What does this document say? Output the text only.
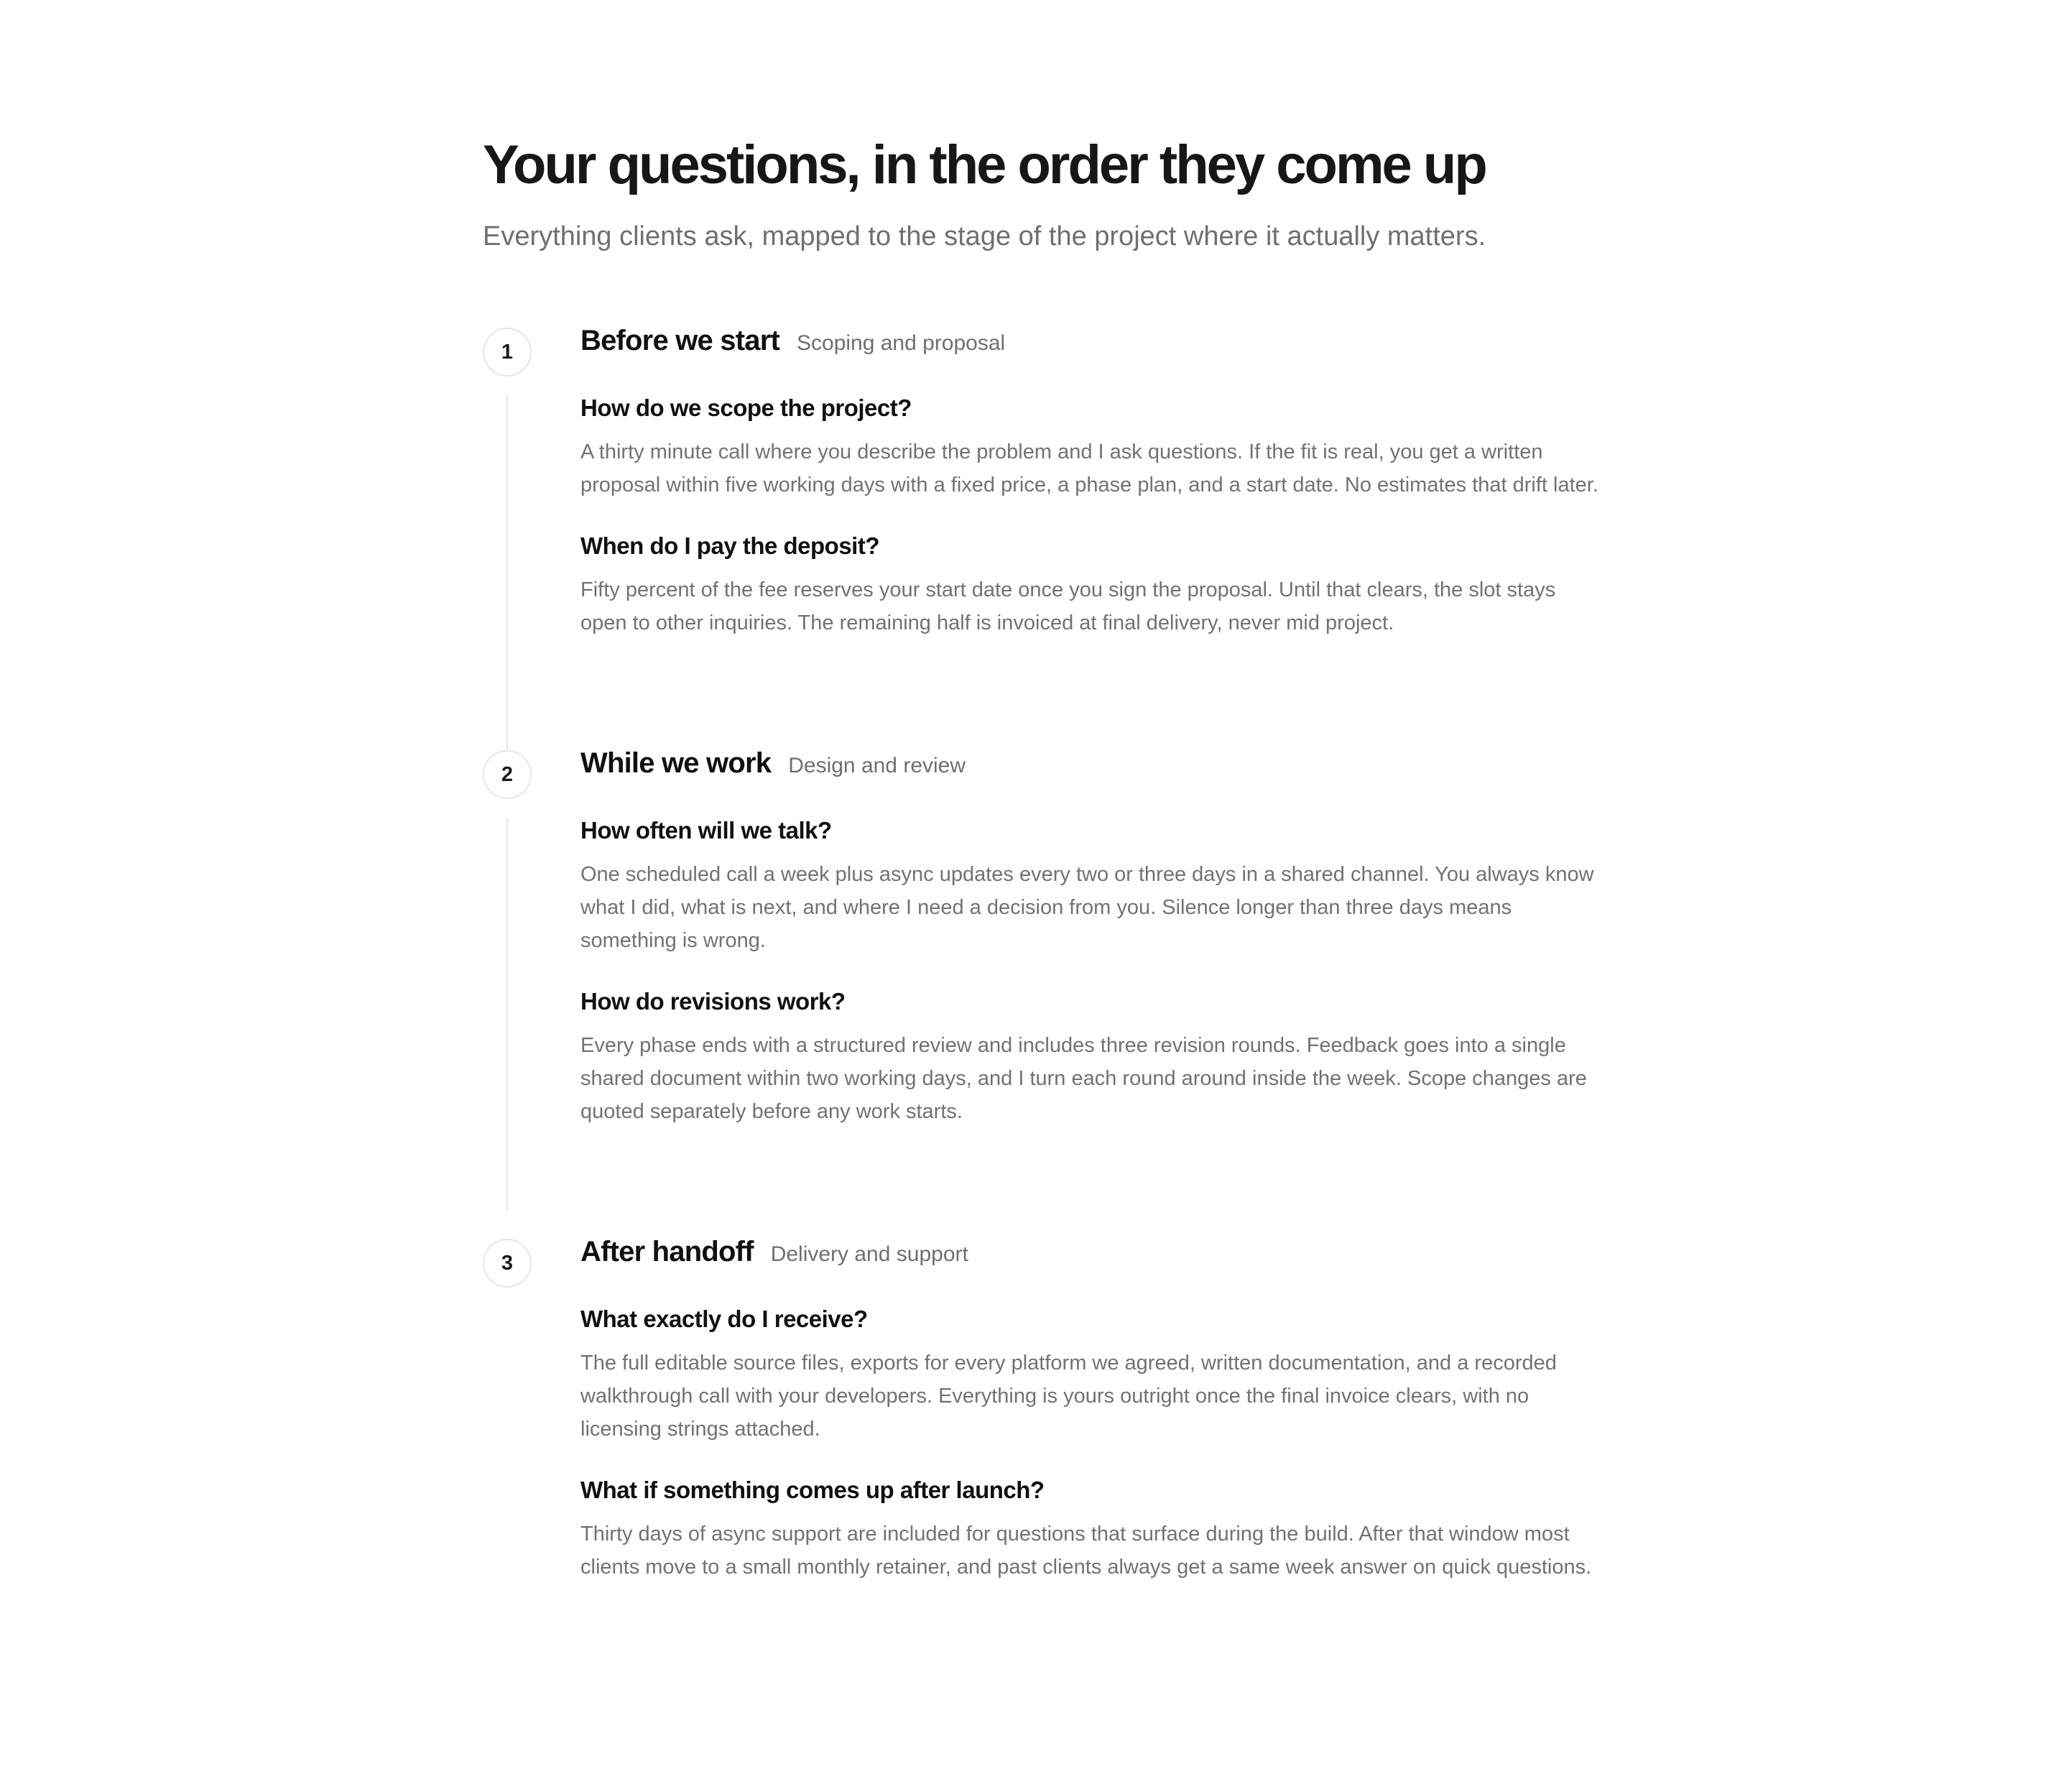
Your questions, in the order they come up

Everything clients ask, mapped to the stage of the project where it actually matters.

1	Before we start Scoping and proposal
How do we scope the project?
A thirty minute call where you describe the problem and I ask questions. If the fit is real, you get a written proposal within five working days with a fixed price, a phase plan, and a start date. No estimates that drift later.
When do I pay the deposit?
Fifty percent of the fee reserves your start date once you sign the proposal. Until that clears, the slot stays open to other inquiries. The remaining half is invoiced at final delivery, never mid project.
2	While we work Design and review
How often will we talk?
One scheduled call a week plus async updates every two or three days in a shared channel. You always know what I did, what is next, and where I need a decision from you. Silence longer than three days means something is wrong.
How do revisions work?
Every phase ends with a structured review and includes three revision rounds. Feedback goes into a single shared document within two working days, and I turn each round around inside the week. Scope changes are quoted separately before any work starts.
3	After handoff Delivery and support
What exactly do I receive?
The full editable source files, exports for every platform we agreed, written documentation, and a recorded walkthrough call with your developers. Everything is yours outright once the final invoice clears, with no licensing strings attached.
What if something comes up after launch?
Thirty days of async support are included for questions that surface during the build. After that window most clients move to a small monthly retainer, and past clients always get a same week answer on quick questions.
